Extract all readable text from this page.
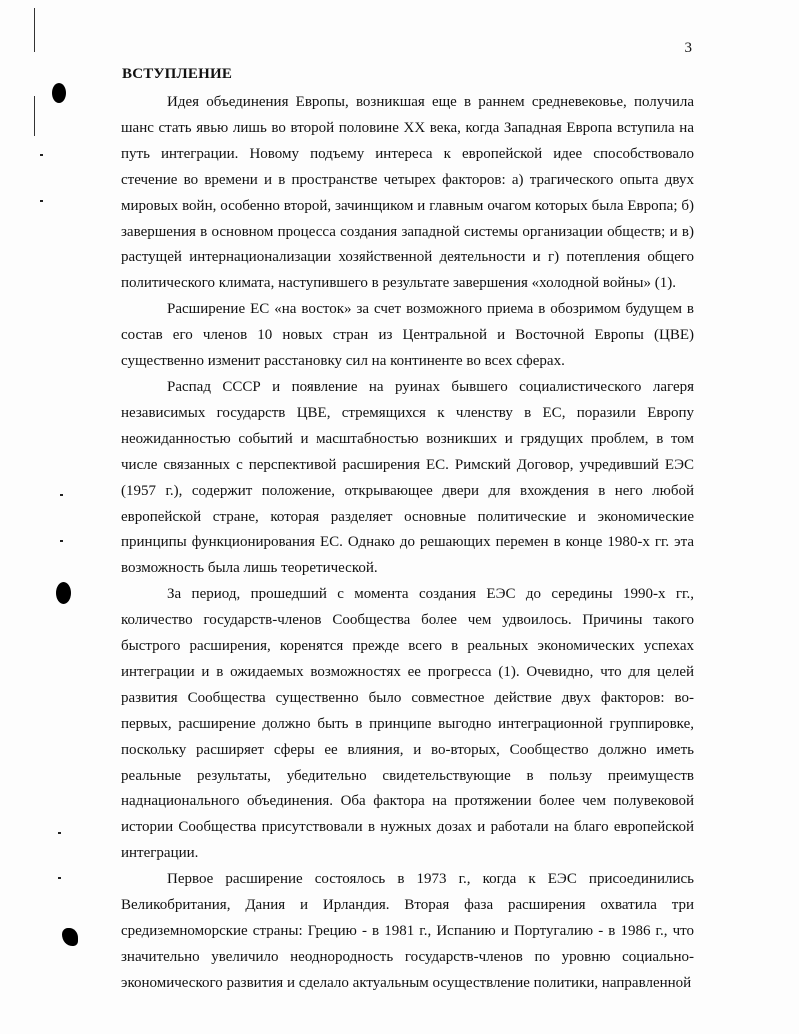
3
ВСТУПЛЕНИЕ

Идея объединения Европы, возникшая еще в раннем средневековье, получила шанс стать явью лишь во второй половине XX века, когда Западная Европа вступила на путь интеграции. Новому подъему интереса к европейской идее способствовало стечение во времени и в пространстве четырех факторов: а) трагического опыта двух мировых войн, особенно второй, зачинщиком и главным очагом которых была Европа; б) завершения в основном процесса создания западной системы организации обществ; и в) растущей интернационализации хозяйственной деятельности и г) потепления общего политического климата, наступившего в результате завершения «холодной войны» (1).

Расширение ЕС «на восток» за счет возможного приема в обозримом будущем в состав его членов 10 новых стран из Центральной и Восточной Европы (ЦВЕ) существенно изменит расстановку сил на континенте во всех сферах.

Распад СССР и появление на руинах бывшего социалистического лагеря независимых государств ЦВЕ, стремящихся к членству в ЕС, поразили Европу неожиданностью событий и масштабностью возникших и грядущих проблем, в том числе связанных с перспективой расширения ЕС. Римский Договор, учредивший ЕЭС (1957 г.), содержит положение, открывающее двери для вхождения в него любой европейской стране, которая разделяет основные политические и экономические принципы функционирования ЕС. Однако до решающих перемен в конце 1980-х гг. эта возможность была лишь теоретической.

За период, прошедший с момента создания ЕЭС до середины 1990-х гг., количество государств-членов Сообщества более чем удвоилось. Причины такого быстрого расширения, коренятся прежде всего в реальных экономических успехах интеграции и в ожидаемых возможностях ее прогресса (1). Очевидно, что для целей развития Сообщества существенно было совместное действие двух факторов: во-первых, расширение должно быть в принципе выгодно интеграционной группировке, поскольку расширяет сферы ее влияния, и во-вторых, Сообщество должно иметь реальные результаты, убедительно свидетельствующие в пользу преимуществ наднационального объединения. Оба фактора на протяжении более чем полувековой истории Сообщества присутствовали в нужных дозах и работали на благо европейской интеграции.

Первое расширение состоялось в 1973 г., когда к ЕЭС присоединились Великобритания, Дания и Ирландия. Вторая фаза расширения охватила три средиземноморские страны: Грецию - в 1981 г., Испанию и Португалию - в 1986 г., что значительно увеличило неоднородность государств-членов по уровню социально-экономического развития и сделало актуальным осуществление политики, направленной
